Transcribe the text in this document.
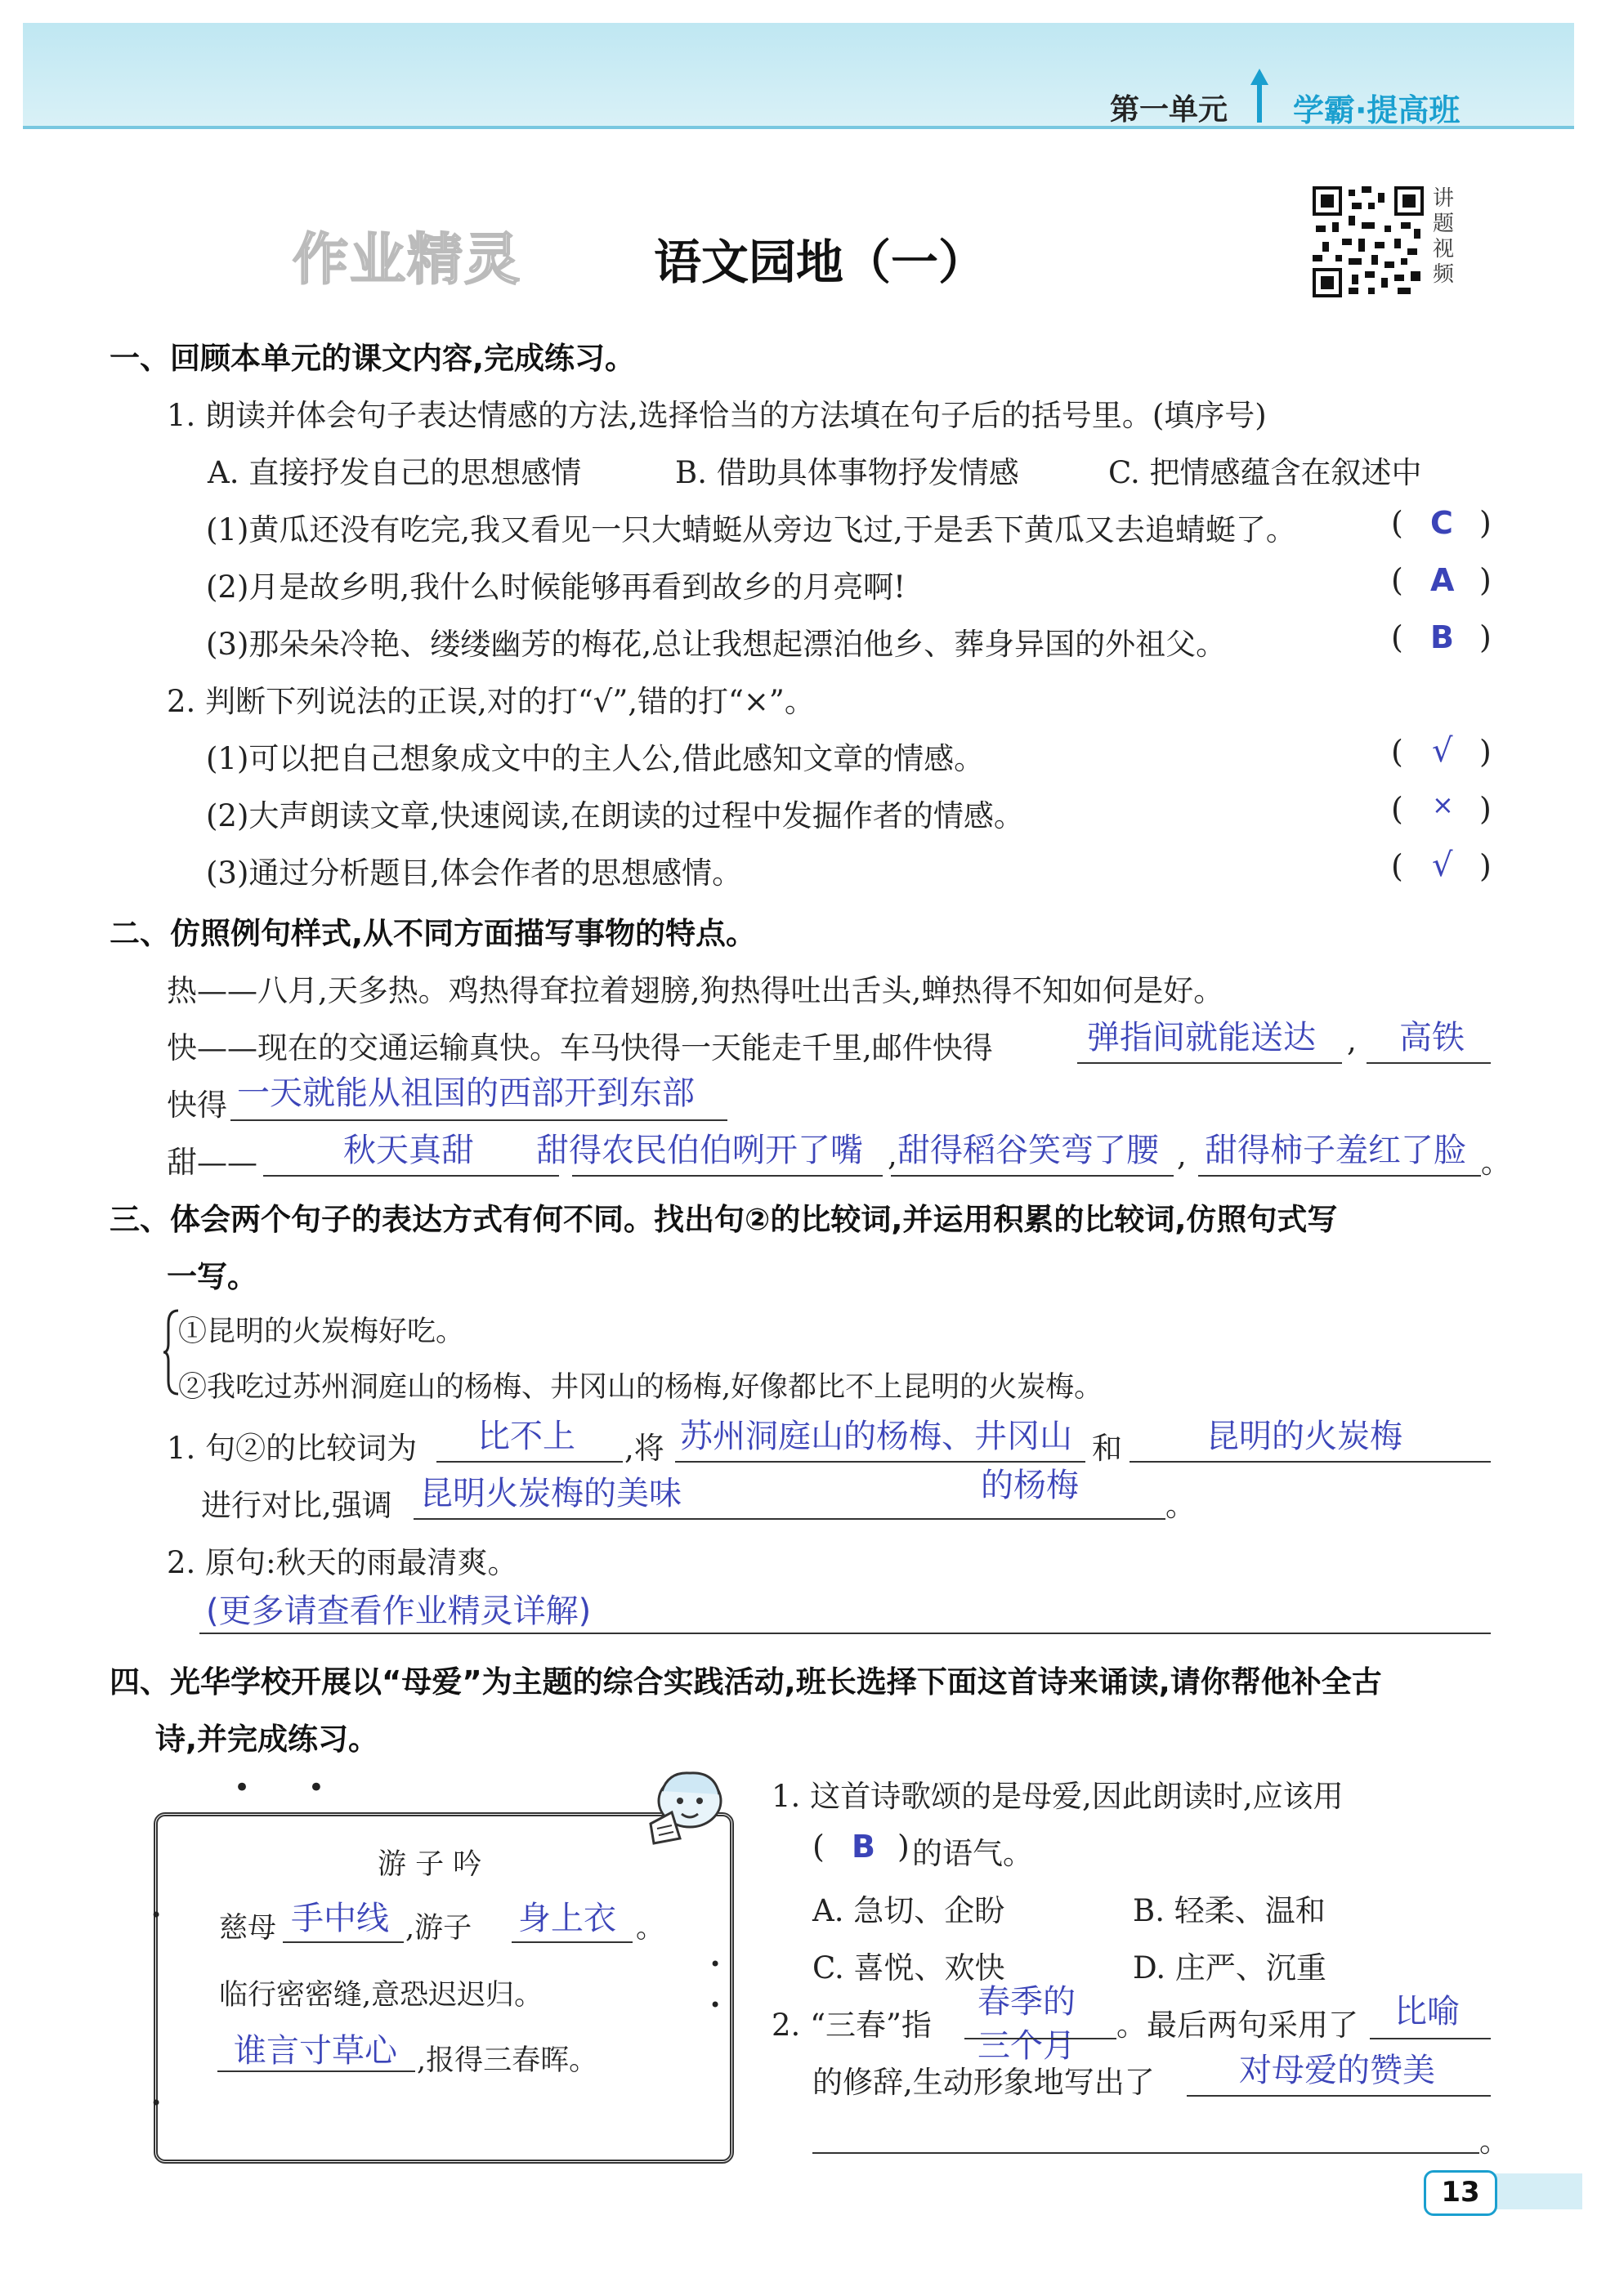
第一单元 学霸·提高班
作业精灵	语文园地（一）
讲题视频
一、回顾本单元的课文内容,完成练习。
1. 朗读并体会句子表达情感的方法,选择恰当的方法填在句子后的括号里。(填序号)
A. 直接抒发自己的思想感情	B. 借助具体事物抒发情感	C. 把情感蕴含在叙述中
(1)黄瓜还没有吃完,我又看见一只大蜻蜓从旁边飞过,于是丢下黄瓜又去追蜻蜓了。	( C )
(2)月是故乡明,我什么时候能够再看到故乡的月亮啊!	( A )
(3)那朵朵冷艳、缕缕幽芳的梅花,总让我想起漂泊他乡、葬身异国的外祖父。	( B )
2. 判断下列说法的正误,对的打“√”,错的打“×”。
(1)可以把自己想象成文中的主人公,借此感知文章的情感。	( √ )
(2)大声朗读文章,快速阅读,在朗读的过程中发掘作者的情感。	( × )
(3)通过分析题目,体会作者的思想感情。	( √ )
二、仿照例句样式,从不同方面描写事物的特点。
热——八月,天多热。鸡热得耷拉着翅膀,狗热得吐出舌头,蝉热得不知如何是好。
快——现在的交通运输真快。车马快得一天能走千里,邮件快得	弹指间就能送达 , 高铁
快得 一天就能从祖国的西部开到东部
甜——	秋天真甜 甜得农民伯伯咧开了嘴 , 甜得稻谷笑弯了腰 , 甜得柿子羞红了脸 。
三、体会两个句子的表达方式有何不同。找出句②的比较词,并运用积累的比较词,仿照句式写
一写。
①昆明的火炭梅好吃。
②我吃过苏州洞庭山的杨梅、井冈山的杨梅,好像都比不上昆明的火炭梅。
1. 句②的比较词为 比不上 ,将 苏州洞庭山的杨梅、井冈山
的杨梅
和	昆明的火炭梅
进行对比,强调 昆明火炭梅的美味	。
2. 原句:秋天的雨最清爽。
(更多请查看作业精灵详解)
四、光华学校开展以“母爱”为主题的综合实践活动,班长选择下面这首诗来诵读,请你帮他补全古
诗,并完成练习。
• •
游 子 吟
慈母 手中线 ,游子 身上衣 。
临行密密缝,意恐迟迟归。
谁言寸草心 ,报得三春晖。
•
•
•
•
1. 这首诗歌颂的是母爱,因此朗读时,应该用
( B ) 的语气。
A. 急切、企盼	B. 轻柔、温和
C. 喜悦、欢快	D. 庄严、沉重
2. “三春”指
春季的
三个月
。最后两句采用了 比喻
的修辞,生动形象地写出了	对母爱的赞美
。
13
